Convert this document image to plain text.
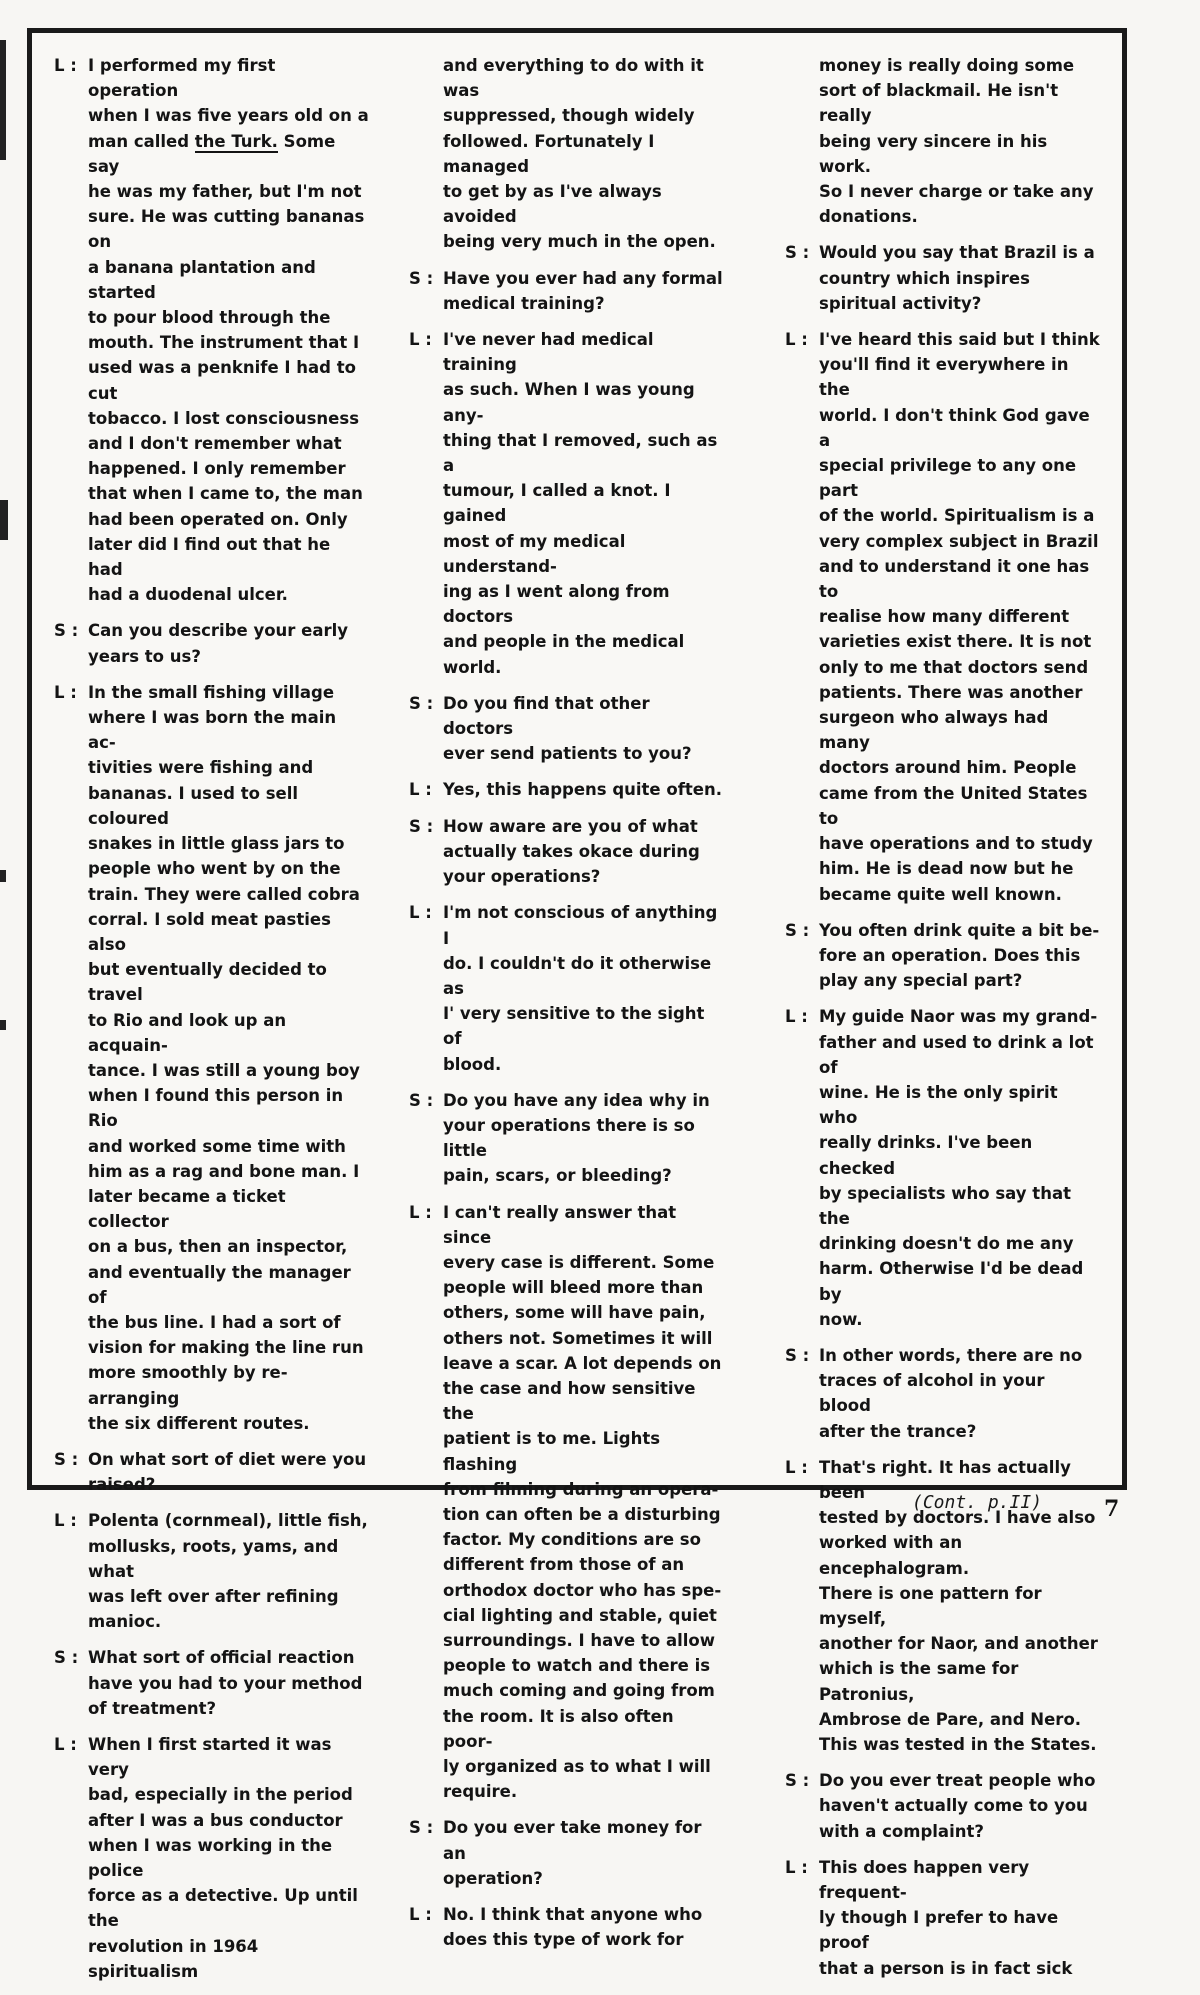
L : I performed my first operation
when I was five years old on a
man called the Turk. Some say
he was my father, but I'm not
sure. He was cutting bananas on
a banana plantation and started
to pour blood through the
mouth. The instrument that I
used was a penknife I had to cut
tobacco. I lost consciousness
and I don't remember what
happened. I only remember
that when I came to, the man
had been operated on. Only
later did I find out that he had
had a duodenal ulcer.
S : Can you describe your early
years to us?
L : In the small fishing village
where I was born the main ac-
tivities were fishing and
bananas. I used to sell coloured
snakes in little glass jars to
people who went by on the
train. They were called cobra
corral. I sold meat pasties also
but eventually decided to travel
to Rio and look up an acquain-
tance. I was still a young boy
when I found this person in Rio
and worked some time with
him as a rag and bone man. I
later became a ticket collector
on a bus, then an inspector,
and eventually the manager of
the bus line. I had a sort of
vision for making the line run
more smoothly by re-arranging
the six different routes.
S : On what sort of diet were you
raised?
L : Polenta (cornmeal), little fish,
mollusks, roots, yams, and what
was left over after refining
manioc.
S : What sort of official reaction
have you had to your method
of treatment?
L : When I first started it was very
bad, especially in the period
after I was a bus conductor
when I was working in the police
force as a detective. Up until the
revolution in 1964 spiritualism
and everything to do with it was
suppressed, though widely
followed. Fortunately I managed
to get by as I've always avoided
being very much in the open.
S : Have you ever had any formal
medical training?
L : I've never had medical training
as such. When I was young any-
thing that I removed, such as a
tumour, I called a knot. I gained
most of my medical understand-
ing as I went along from doctors
and people in the medical
world.
S : Do you find that other doctors
ever send patients to you?
L : Yes, this happens quite often.
S : How aware are you of what
actually takes okace during
your operations?
L : I'm not conscious of anything I
do. I couldn't do it otherwise as
I' very sensitive to the sight of
blood.
S : Do you have any idea why in
your operations there is so little
pain, scars, or bleeding?
L : I can't really answer that since
every case is different. Some
people will bleed more than
others, some will have pain,
others not. Sometimes it will
leave a scar. A lot depends on
the case and how sensitive the
patient is to me. Lights flashing
from filming during an opera-
tion can often be a disturbing
factor. My conditions are so
different from those of an
orthodox doctor who has spe-
cial lighting and stable, quiet
surroundings. I have to allow
people to watch and there is
much coming and going from
the room. It is also often poor-
ly organized as to what I will
require.
S : Do you ever take money for an
operation?
L : No. I think that anyone who
does this type of work for
money is really doing some
sort of blackmail. He isn't really
being very sincere in his work.
So I never charge or take any
donations.
S : Would you say that Brazil is a
country which inspires
spiritual activity?
L : I've heard this said but I think
you'll find it everywhere in the
world. I don't think God gave a
special privilege to any one part
of the world. Spiritualism is a
very complex subject in Brazil
and to understand it one has to
realise how many different
varieties exist there. It is not
only to me that doctors send
patients. There was another
surgeon who always had many
doctors around him. People
came from the United States to
have operations and to study
him. He is dead now but he
became quite well known.
S : You often drink quite a bit be-
fore an operation. Does this
play any special part?
L : My guide Naor was my grand-
father and used to drink a lot of
wine. He is the only spirit who
really drinks. I've been checked
by specialists who say that the
drinking doesn't do me any
harm. Otherwise I'd be dead by
now.
S : In other words, there are no
traces of alcohol in your blood
after the trance?
L : That's right. It has actually been
tested by doctors. I have also
worked with an encephalogram.
There is one pattern for myself,
another for Naor, and another
which is the same for Patronius,
Ambrose de Pare, and Nero.
This was tested in the States.
S : Do you ever treat people who
haven't actually come to you
with a complaint?
L : This does happen very frequent-
ly though I prefer to have proof
that a person is in fact sick
(Cont. p.II)	7
